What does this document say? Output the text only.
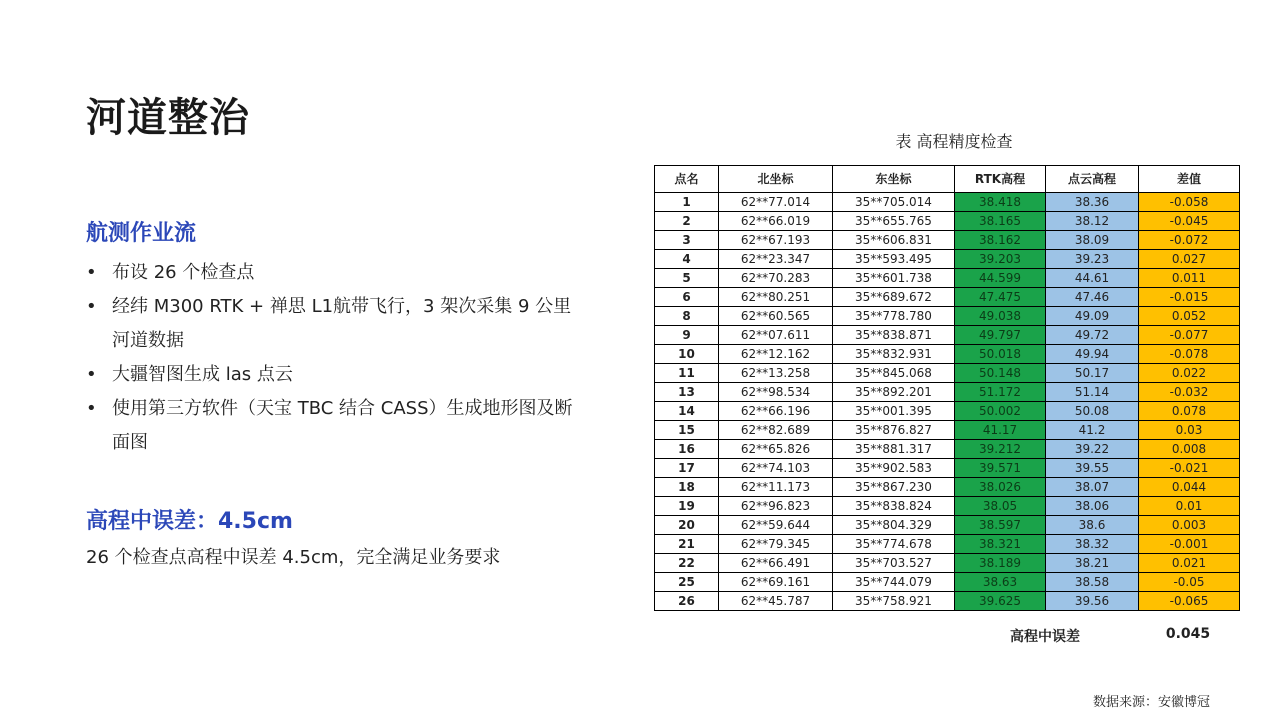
河道整治
航测作业流
• 布设 26 个检查点
• 经纬 M300 RTK + 禅思 L1航带飞行，3 架次采集 9 公里河道数据
• 大疆智图生成 las 点云
• 使用第三方软件（天宝 TBC 结合 CASS）生成地形图及断面图
高程中误差：4.5cm
26 个检查点高程中误差 4.5cm，完全满足业务要求
表 高程精度检查
点名	北坐标	东坐标	RTK高程	点云高程	差值
1	62**77.014	35**705.014	38.418	38.36	-0.058
2	62**66.019	35**655.765	38.165	38.12	-0.045
3	62**67.193	35**606.831	38.162	38.09	-0.072
4	62**23.347	35**593.495	39.203	39.23	0.027
5	62**70.283	35**601.738	44.599	44.61	0.011
6	62**80.251	35**689.672	47.475	47.46	-0.015
8	62**60.565	35**778.780	49.038	49.09	0.052
9	62**07.611	35**838.871	49.797	49.72	-0.077
10	62**12.162	35**832.931	50.018	49.94	-0.078
11	62**13.258	35**845.068	50.148	50.17	0.022
13	62**98.534	35**892.201	51.172	51.14	-0.032
14	62**66.196	35**001.395	50.002	50.08	0.078
15	62**82.689	35**876.827	41.17	41.2	0.03
16	62**65.826	35**881.317	39.212	39.22	0.008
17	62**74.103	35**902.583	39.571	39.55	-0.021
18	62**11.173	35**867.230	38.026	38.07	0.044
19	62**96.823	35**838.824	38.05	38.06	0.01
20	62**59.644	35**804.329	38.597	38.6	0.003
21	62**79.345	35**774.678	38.321	38.32	-0.001
22	62**66.491	35**703.527	38.189	38.21	0.021
25	62**69.161	35**744.079	38.63	38.58	-0.05
26	62**45.787	35**758.921	39.625	39.56	-0.065
高程中误差	0.045
数据来源：安徽博冠
